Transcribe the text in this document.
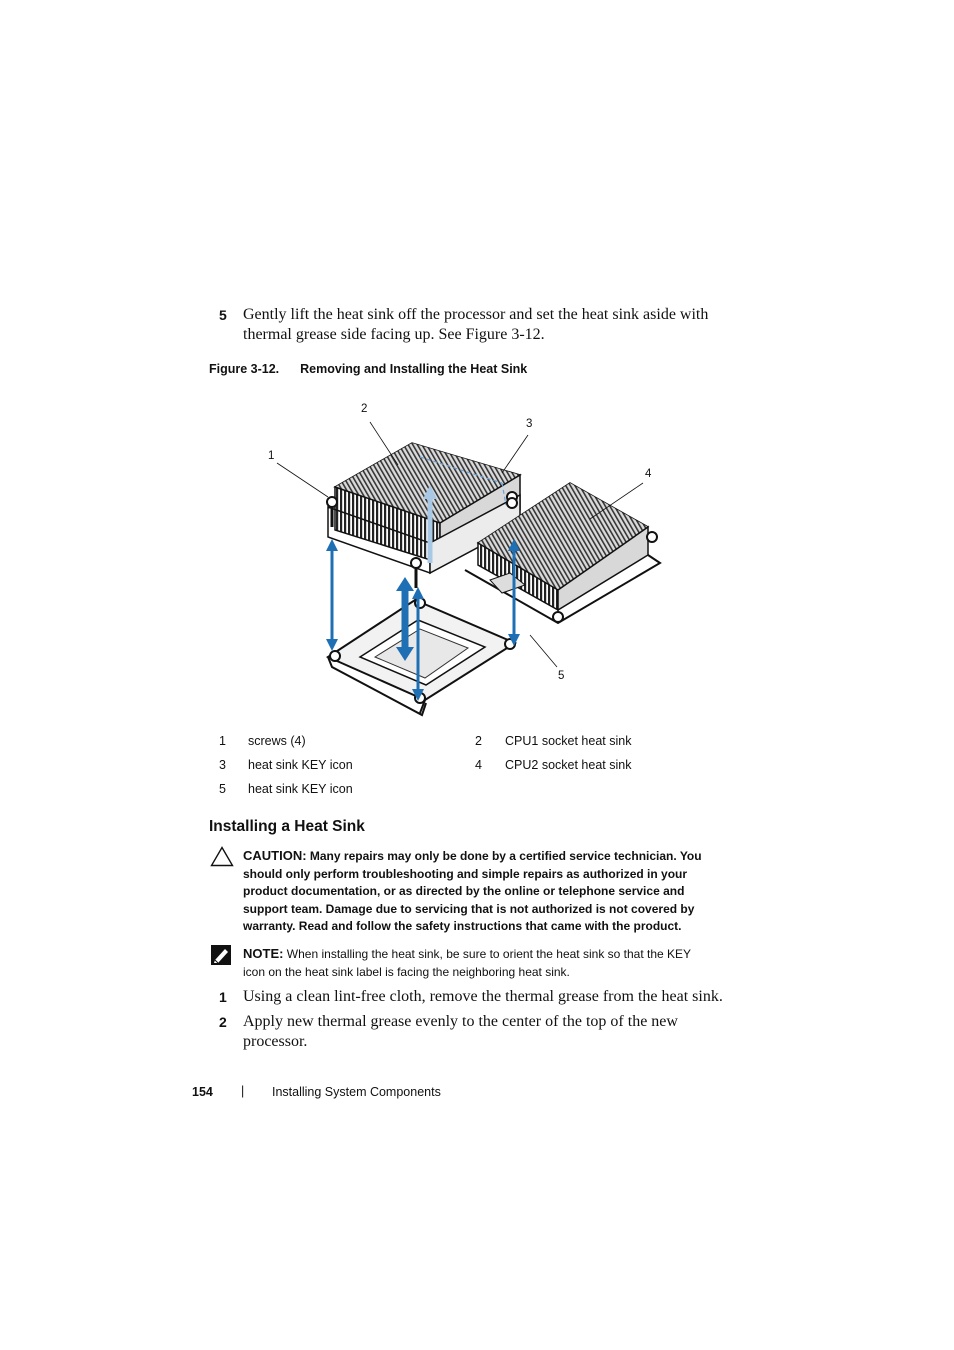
5 Gently lift the heat sink off the processor and set the heat sink aside with
thermal grease side facing up. See Figure 3-12.
Figure 3-12. Removing and Installing the Heat Sink
1
2
3
4
5
1 screws (4)	2 CPU1 socket heat sink
3 heat sink KEY icon	4 CPU2 socket heat sink
5 heat sink KEY icon
Installing a Heat Sink
CAUTION: Many repairs may only be done by a certified service technician. You
should only perform troubleshooting and simple repairs as authorized in your
product documentation, or as directed by the online or telephone service and
support team. Damage due to servicing that is not authorized is not covered by
warranty. Read and follow the safety instructions that came with the product.
NOTE: When installing the heat sink, be sure to orient the heat sink so that the KEY
icon on the heat sink label is facing the neighboring heat sink.
1 Using a clean lint-free cloth, remove the thermal grease from the heat sink.
2 Apply new thermal grease evenly to the center of the top of the new
processor.
154 | Installing System Components
